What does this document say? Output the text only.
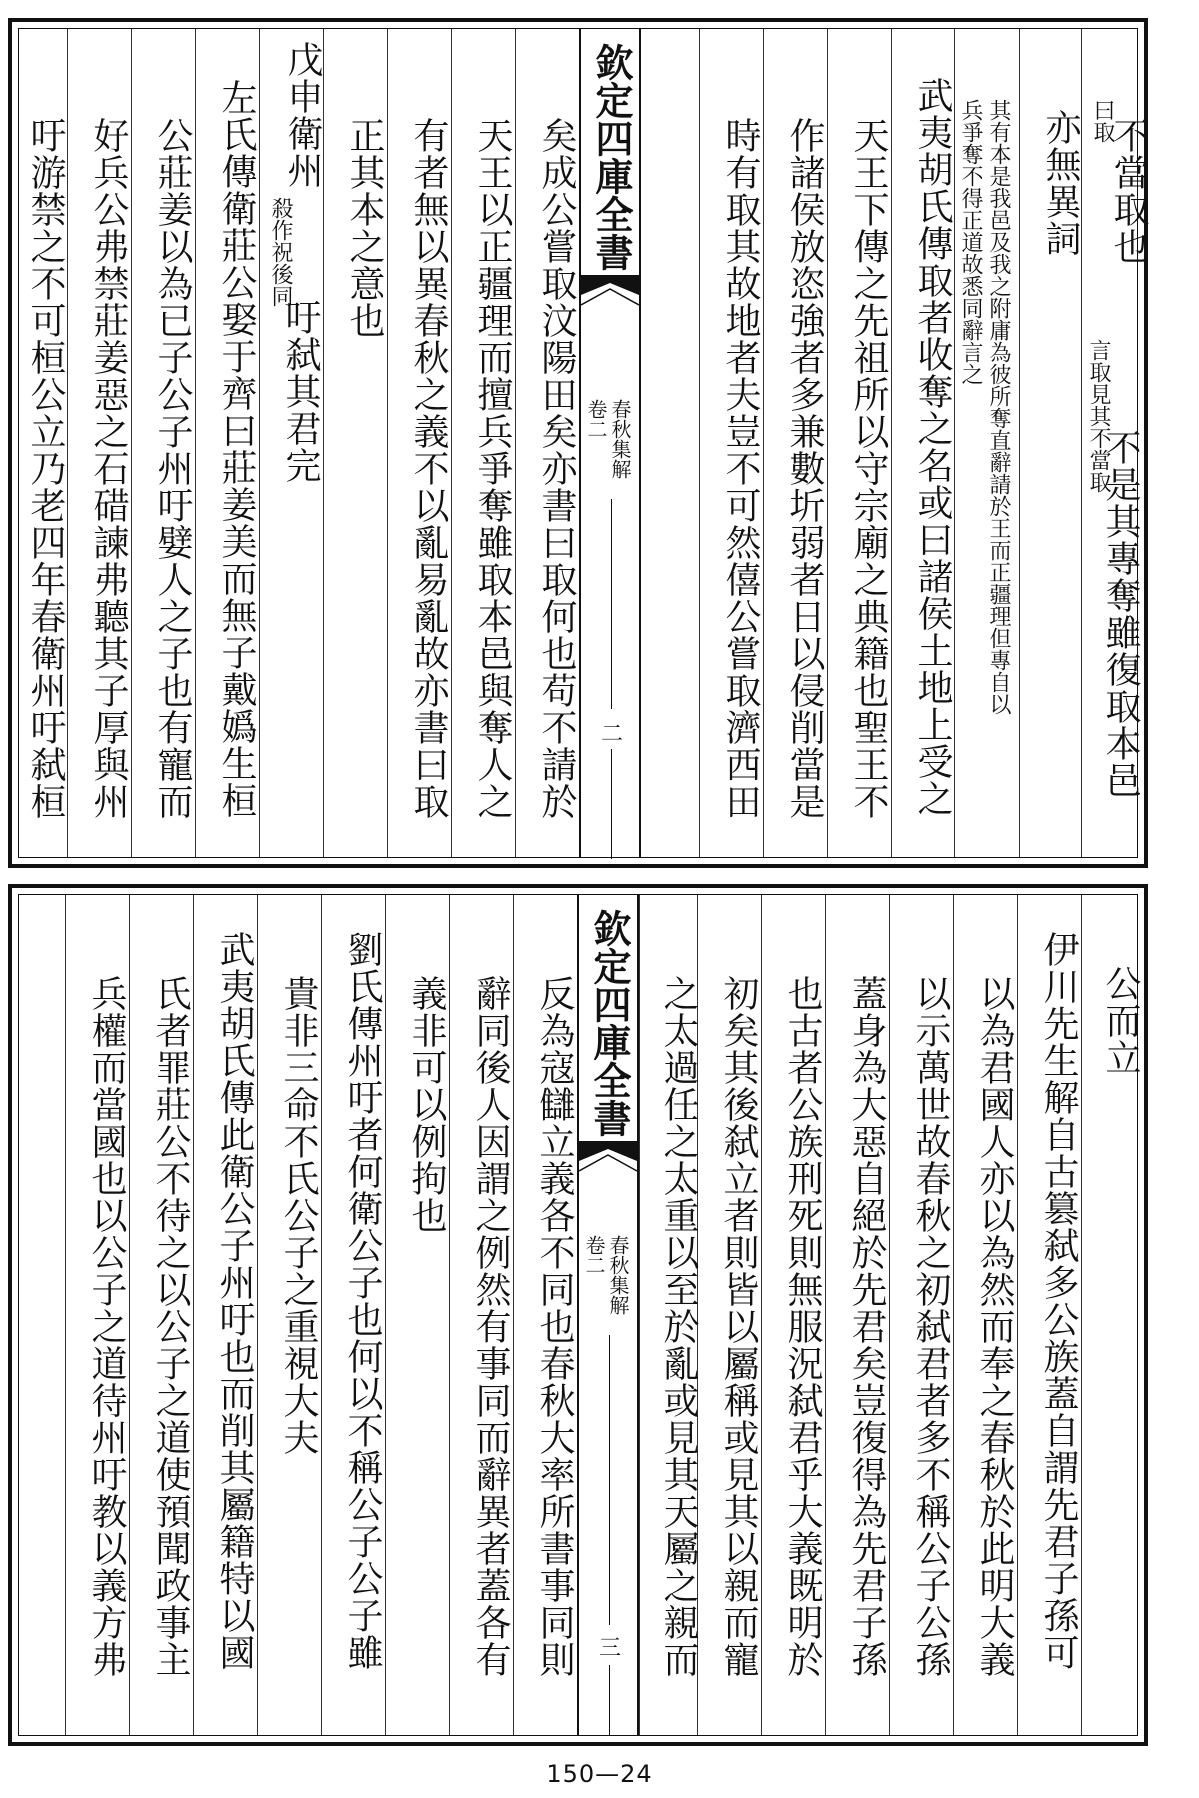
曰取
不當取也
言取見其不當取
不是其專奪雖復取本邑
亦無異詞
其有本是我邑及我之附庸為彼所奪直辭請於王而正疆理但專自以
兵爭奪不得正道故悉同辭言之
武夷胡氏傳取者收奪之名或曰諸侯土地上受之
天王下傳之先祖所以守宗廟之典籍也聖王不
作諸侯放恣強者多兼數圻弱者日以侵削當是
時有取其故地者夫豈不可然僖公嘗取濟西田
欽定四庫全書
春秋集解
卷二
二
矣成公嘗取汶陽田矣亦書曰取何也苟不請於
天王以正疆理而擅兵爭奪雖取本邑與奪人之
有者無以異春秋之義不以亂易亂故亦書曰取
正其本之意也
戊申衛州
殺作祝後同
吁弑其君完
左氏傳衛莊公娶于齊曰莊姜美而無子戴嬀生桓
公莊姜以為已子公子州吁嬖人之子也有寵而
好兵公弗禁莊姜惡之石碏諫弗聽其子厚與州
吁游禁之不可桓公立乃老四年春衛州吁弑桓
公而立
伊川先生解自古篡弑多公族蓋自謂先君子孫可
以為君國人亦以為然而奉之春秋於此明大義
以示萬世故春秋之初弑君者多不稱公子公孫
蓋身為大惡自絕於先君矣豈復得為先君子孫
也古者公族刑死則無服況弑君乎大義既明於
初矣其後弑立者則皆以屬稱或見其以親而寵
之太過任之太重以至於亂或見其天屬之親而
欽定四庫全書
春秋集解
卷二
三
反為寇讎立義各不同也春秋大率所書事同則
辭同後人因謂之例然有事同而辭異者蓋各有
義非可以例拘也
劉氏傳州吁者何衛公子也何以不稱公子公子雖
貴非三命不氏公子之重視大夫
武夷胡氏傳此衛公子州吁也而削其屬籍特以國
氏者罪莊公不待之以公子之道使預聞政事主
兵權而當國也以公子之道待州吁教以義方弗
150—24
